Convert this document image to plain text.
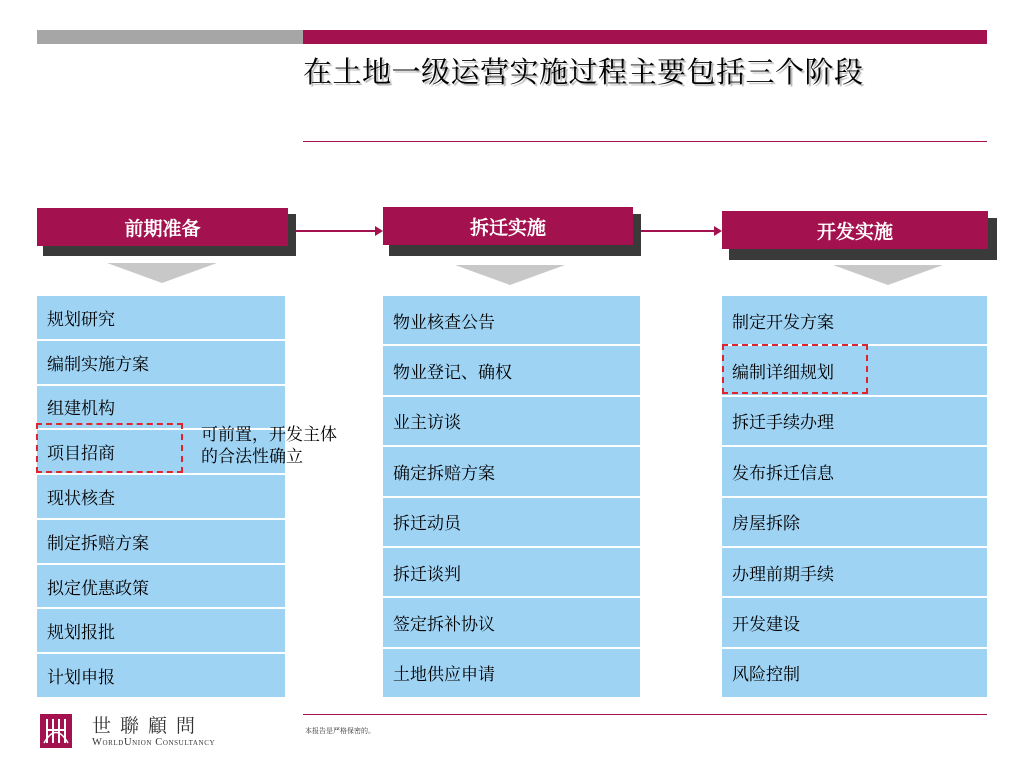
在土地一级运营实施过程主要包括三个阶段
前期准备	拆迁实施	开发实施
规划研究
编制实施方案
组建机构
项目招商
现状核查
制定拆赔方案
拟定优惠政策
规划报批
计划申报
物业核查公告
物业登记、确权
业主访谈
确定拆赔方案
拆迁动员
拆迁谈判
签定拆补协议
土地供应申请
制定开发方案
编制详细规划
拆迁手续办理
发布拆迁信息
房屋拆除
办理前期手续
开发建设
风险控制
可前置，开发主体的合法性确立
世聯顧問
WorldUnion Consultancy
本报告是严格保密的。
